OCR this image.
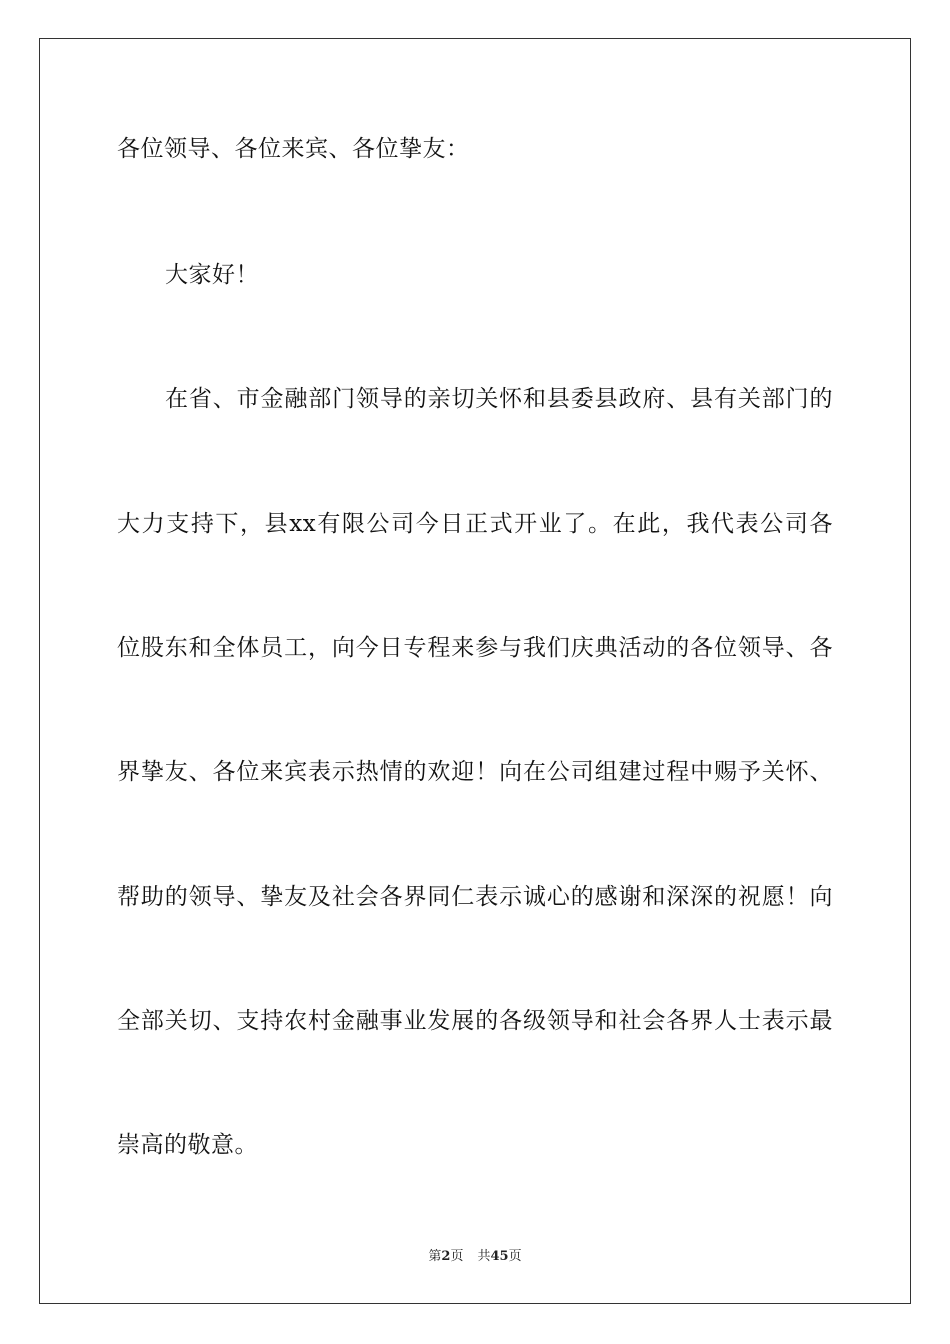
各位领导、各位来宾、各位挚友：
大家好！
在省、市金融部门领导的亲切关怀和县委县政府、县有关部门的
大力支持下，县xx有限公司今日正式开业了。在此，我代表公司各
位股东和全体员工，向今日专程来参与我们庆典活动的各位领导、各
界挚友、各位来宾表示热情的欢迎！向在公司组建过程中赐予关怀、
帮助的领导、挚友及社会各界同仁表示诚心的感谢和深深的祝愿！向
全部关切、支持农村金融事业发展的各级领导和社会各界人士表示最
崇高的敬意。
第2页 共45页
